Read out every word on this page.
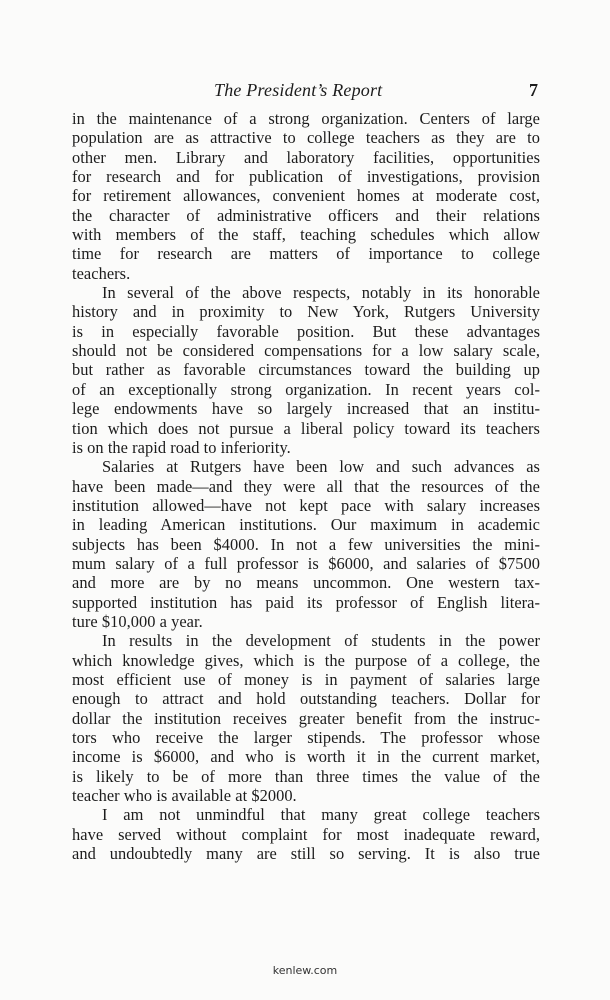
The President’s Report	7
in the maintenance of a strong organization. Centers of large
population are as attractive to college teachers as they are to
other men. Library and laboratory facilities, opportunities
for research and for publication of investigations, provision
for retirement allowances, convenient homes at moderate cost,
the character of administrative officers and their relations
with members of the staff, teaching schedules which allow
time for research are matters of importance to college
teachers.
In several of the above respects, notably in its honorable
history and in proximity to New York, Rutgers University
is in especially favorable position. But these advantages
should not be considered compensations for a low salary scale,
but rather as favorable circumstances toward the building up
of an exceptionally strong organization. In recent years col-
lege endowments have so largely increased that an institu-
tion which does not pursue a liberal policy toward its teachers
is on the rapid road to inferiority.
Salaries at Rutgers have been low and such advances as
have been made—and they were all that the resources of the
institution allowed—have not kept pace with salary increases
in leading American institutions. Our maximum in academic
subjects has been $4000. In not a few universities the mini-
mum salary of a full professor is $6000, and salaries of $7500
and more are by no means uncommon. One western tax-
supported institution has paid its professor of English litera-
ture $10,000 a year.
In results in the development of students in the power
which knowledge gives, which is the purpose of a college, the
most efficient use of money is in payment of salaries large
enough to attract and hold outstanding teachers. Dollar for
dollar the institution receives greater benefit from the instruc-
tors who receive the larger stipends. The professor whose
income is $6000, and who is worth it in the current market,
is likely to be of more than three times the value of the
teacher who is available at $2000.
I am not unmindful that many great college teachers
have served without complaint for most inadequate reward,
and undoubtedly many are still so serving. It is also true
kenlew.com
